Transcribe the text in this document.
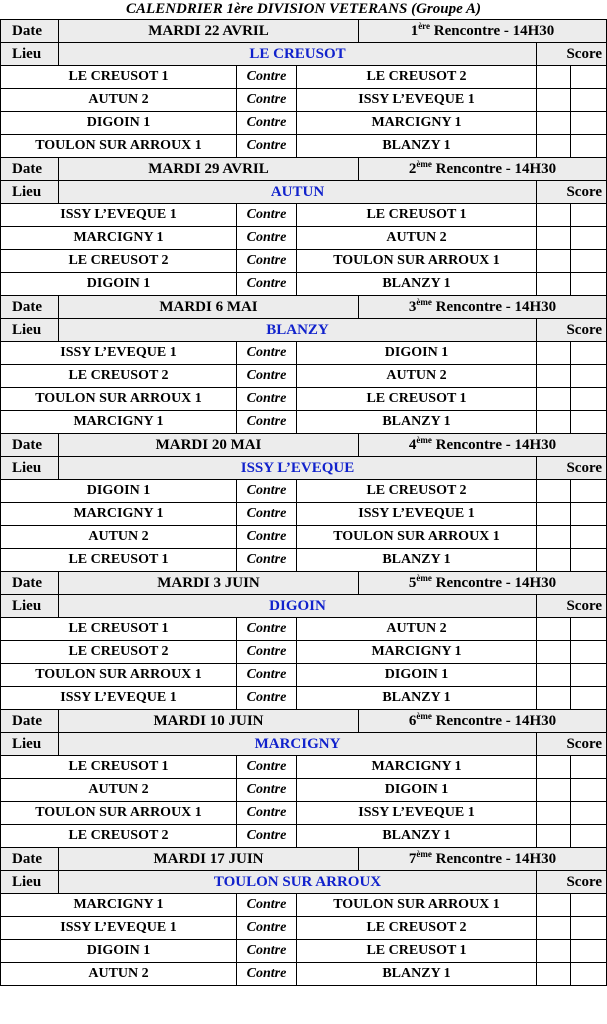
CALENDRIER 1ère DIVISION VETERANS (Groupe A)						
Date	MARDI 22 AVRIL			1ère Rencontre - 14H30		
Lieu	LE CREUSOT				Score	
LE CREUSOT 1		Contre	LE CREUSOT 2			
AUTUN 2		Contre	ISSY L’EVEQUE 1			
DIGOIN 1		Contre	MARCIGNY 1			
TOULON SUR ARROUX 1		Contre	BLANZY 1			
Date	MARDI 29 AVRIL			2ème Rencontre - 14H30		
Lieu	AUTUN				Score	
ISSY L’EVEQUE 1		Contre	LE CREUSOT 1			
MARCIGNY 1		Contre	AUTUN 2			
LE CREUSOT 2		Contre	TOULON SUR ARROUX 1			
DIGOIN 1		Contre	BLANZY 1			
Date	MARDI 6 MAI			3ème Rencontre - 14H30		
Lieu	BLANZY				Score	
ISSY L’EVEQUE 1		Contre	DIGOIN 1			
LE CREUSOT 2		Contre	AUTUN 2			
TOULON SUR ARROUX 1		Contre	LE CREUSOT 1			
MARCIGNY 1		Contre	BLANZY 1			
Date	MARDI 20 MAI			4ème Rencontre - 14H30		
Lieu	ISSY L’EVEQUE				Score	
DIGOIN 1		Contre	LE CREUSOT 2			
MARCIGNY 1		Contre	ISSY L’EVEQUE 1			
AUTUN 2		Contre	TOULON SUR ARROUX 1			
LE CREUSOT 1		Contre	BLANZY 1			
Date	MARDI 3 JUIN			5ème Rencontre - 14H30		
Lieu	DIGOIN				Score	
LE CREUSOT 1		Contre	AUTUN 2			
LE CREUSOT 2		Contre	MARCIGNY 1			
TOULON SUR ARROUX 1		Contre	DIGOIN 1			
ISSY L’EVEQUE 1		Contre	BLANZY 1			
Date	MARDI 10 JUIN			6ème Rencontre - 14H30		
Lieu	MARCIGNY				Score	
LE CREUSOT 1		Contre	MARCIGNY 1			
AUTUN 2		Contre	DIGOIN 1			
TOULON SUR ARROUX 1		Contre	ISSY L’EVEQUE 1			
LE CREUSOT 2		Contre	BLANZY 1			
Date	MARDI 17 JUIN			7ème Rencontre - 14H30		
Lieu	TOULON SUR ARROUX				Score	
MARCIGNY 1		Contre	TOULON SUR ARROUX 1			
ISSY L’EVEQUE 1		Contre	LE CREUSOT 2			
DIGOIN 1		Contre	LE CREUSOT 1			
AUTUN 2		Contre	BLANZY 1			
